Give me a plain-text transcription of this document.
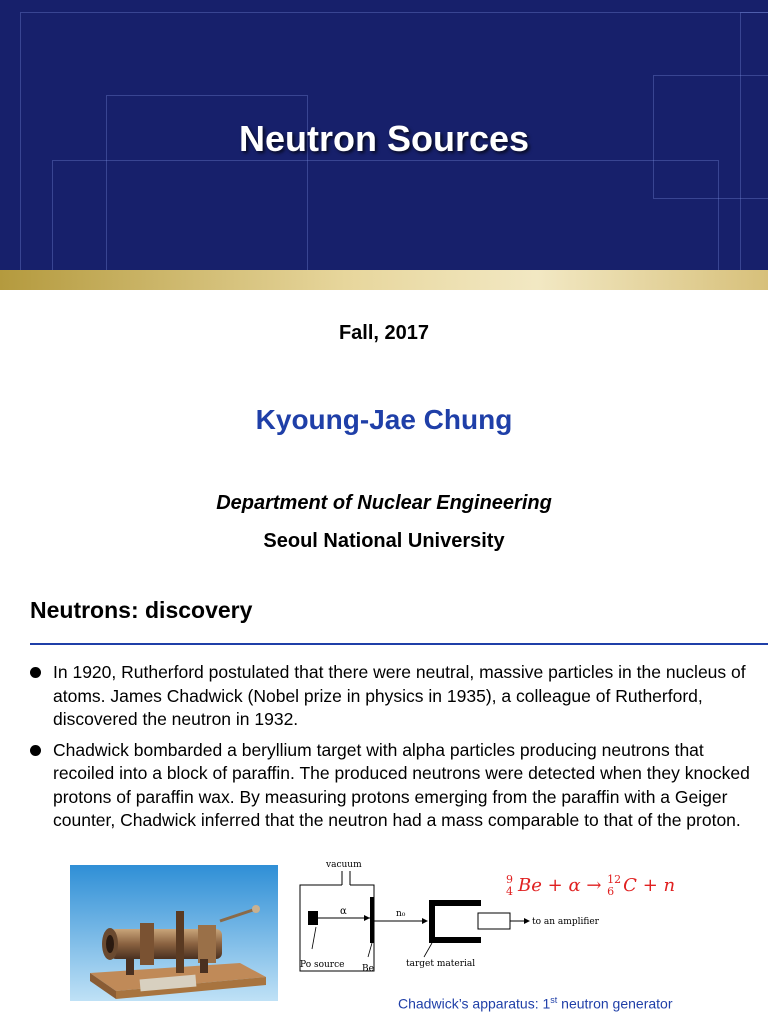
Neutron Sources
Fall, 2017
Kyoung-Jae Chung
Department of Nuclear Engineering
Seoul National University
Neutrons: discovery
In 1920, Rutherford postulated that there were neutral, massive particles in the nucleus of atoms. James Chadwick (Nobel prize in physics in 1935), a colleague of Rutherford, discovered the neutron in 1932.
Chadwick bombarded a beryllium target with alpha particles producing neutrons that recoiled into a block of paraffin. The produced neutrons were detected when they knocked protons of paraffin wax. By measuring protons emerging from the paraffin with a Geiger counter, Chadwick inferred that the neutron had a mass comparable to that of the proton.
vacuum
α	n₀
to an amplifier
Po source Be	target material
9
4 Be + α → 12
6 C + n
Chadwick’s apparatus: 1st neutron generator
